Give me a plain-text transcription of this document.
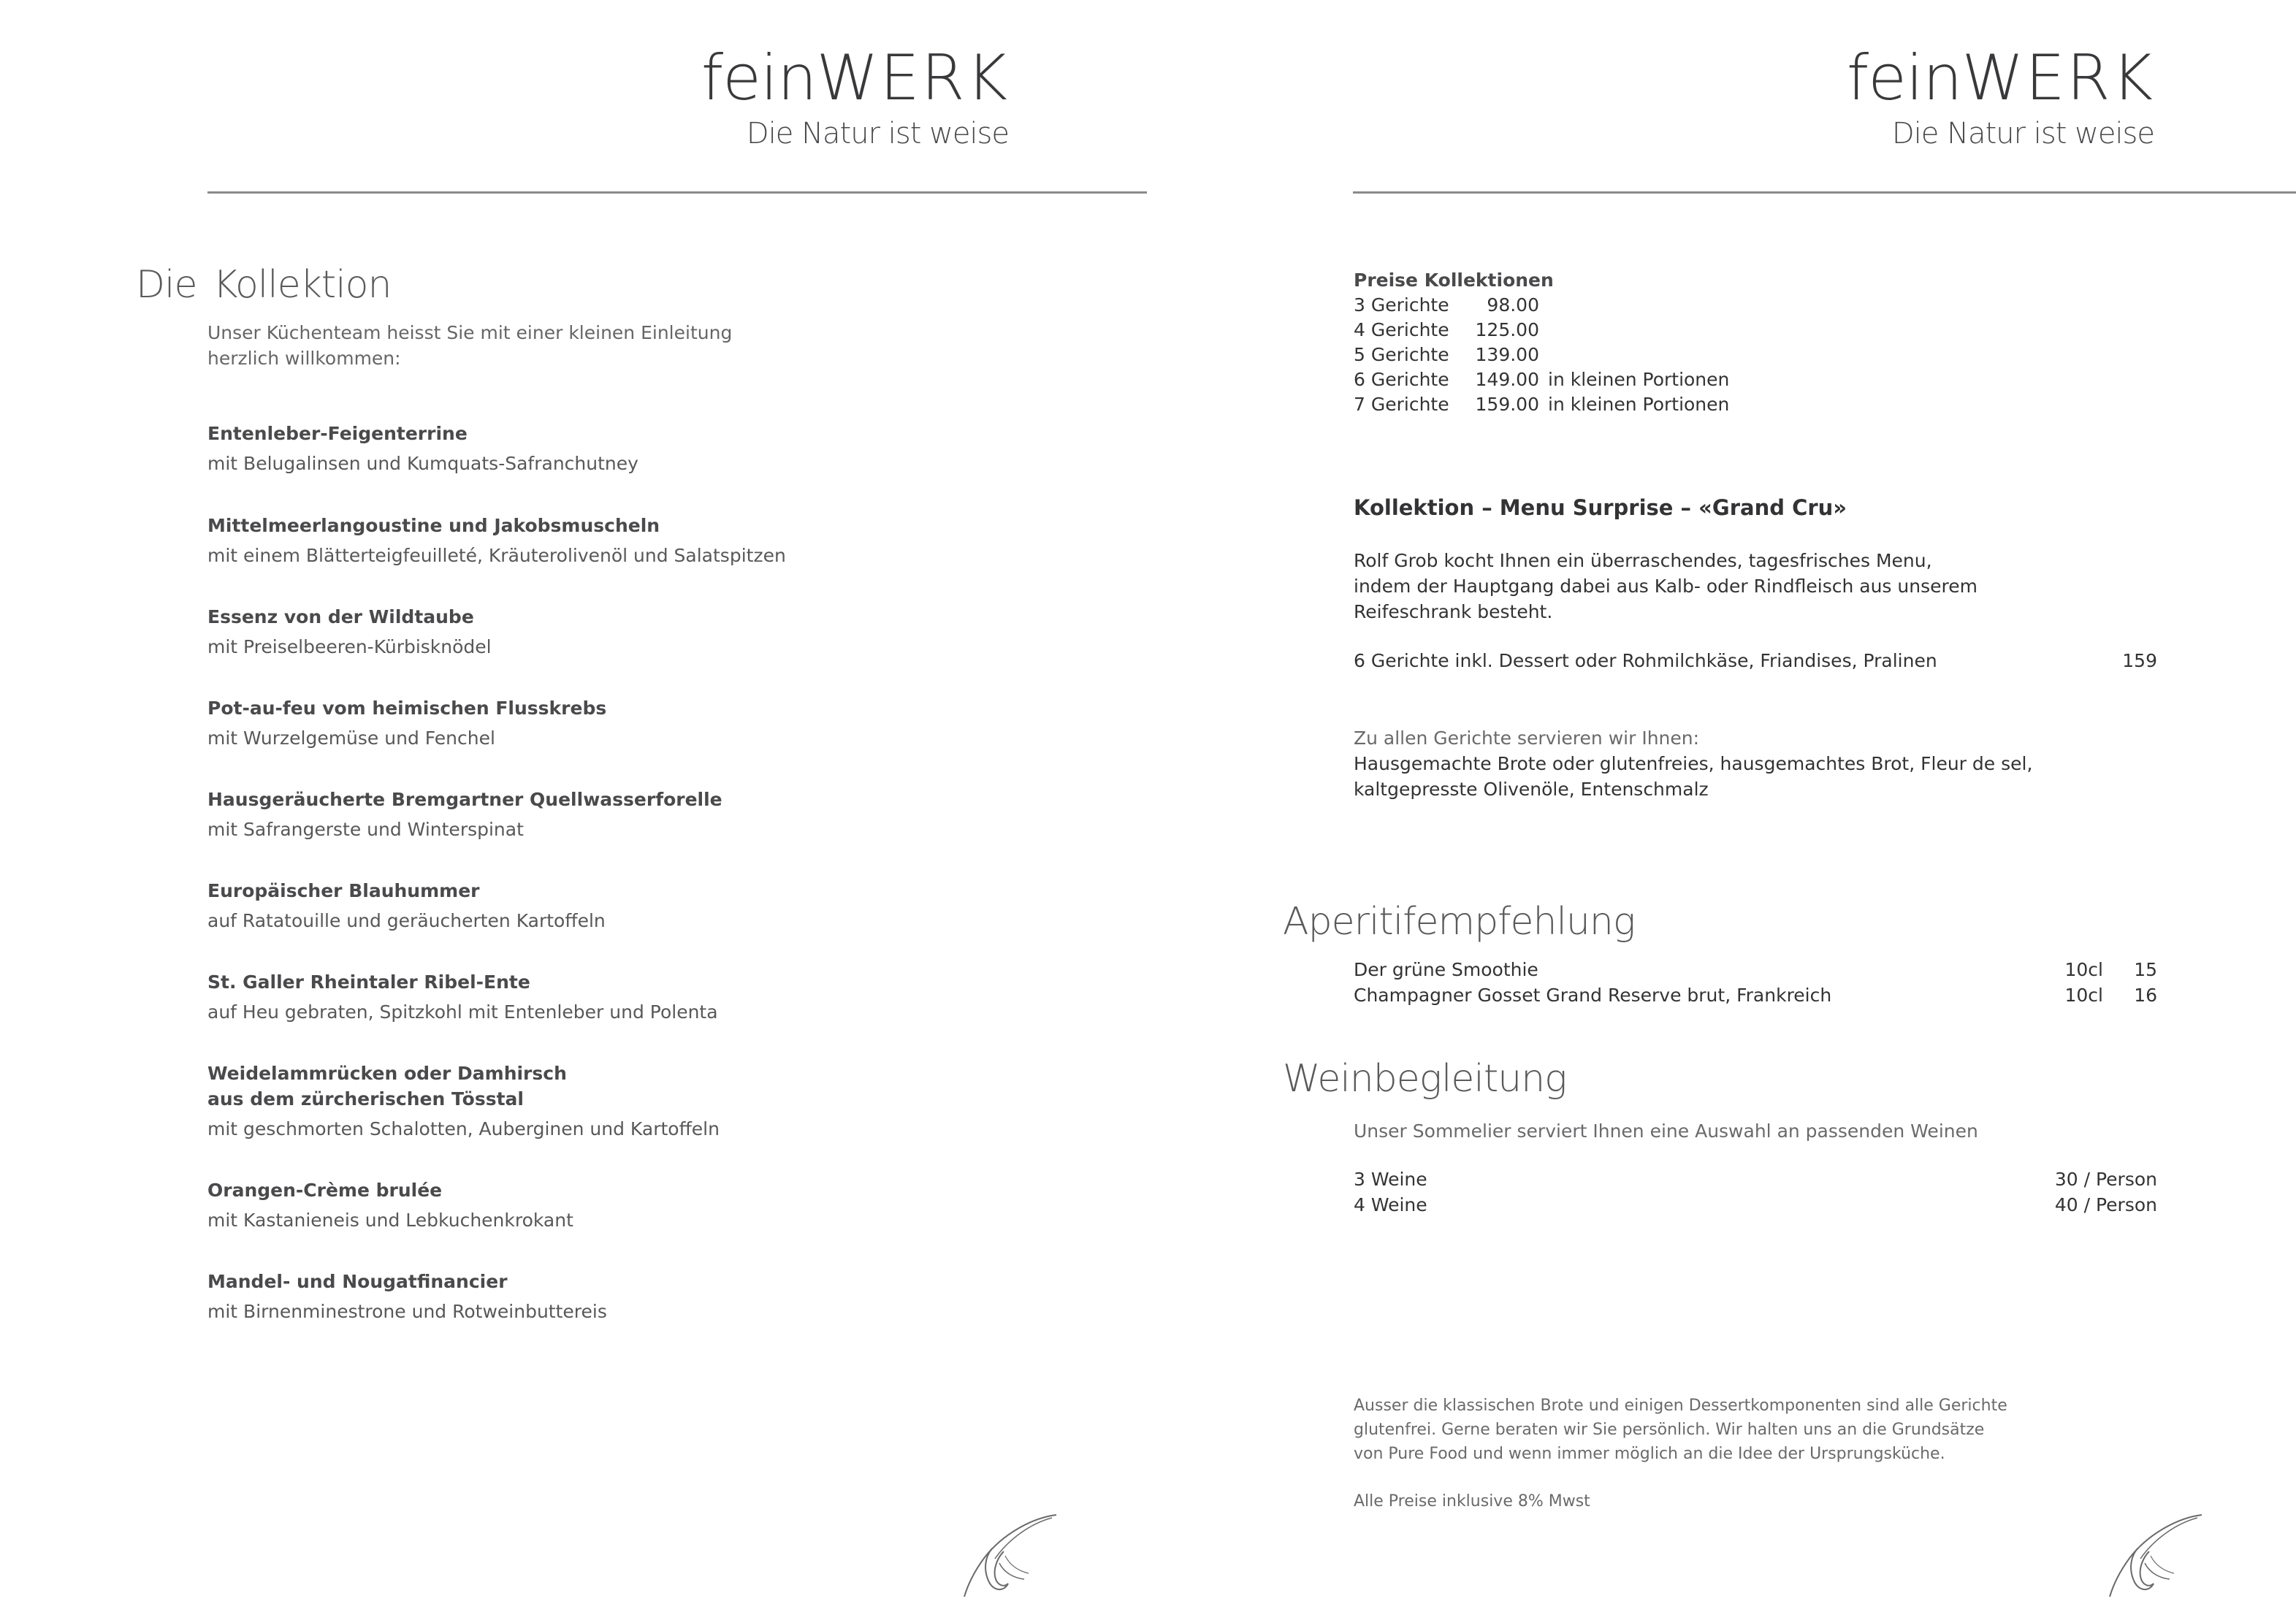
feinWERK
Die Natur ist weise
Die Kollektion
Unser Küchenteam heisst Sie mit einer kleinen Einleitung
herzlich willkommen:
Entenleber-Feigenterrine
mit Belugalinsen und Kumquats-Safranchutney
Mittelmeerlangoustine und Jakobsmuscheln
mit einem Blätterteigfeuilleté, Kräuterolivenöl und Salatspitzen
Essenz von der Wildtaube
mit Preiselbeeren-Kürbisknödel
Pot-au-feu vom heimischen Flusskrebs
mit Wurzelgemüse und Fenchel
Hausgeräucherte Bremgartner Quellwasserforelle
mit Safrangerste und Winterspinat
Europäischer Blauhummer
auf Ratatouille und geräucherten Kartoffeln
St. Galler Rheintaler Ribel-Ente
auf Heu gebraten, Spitzkohl mit Entenleber und Polenta
Weidelammrücken oder Damhirsch
aus dem zürcherischen Tösstal
mit geschmorten Schalotten, Auberginen und Kartoffeln
Orangen-Crème brulée
mit Kastanieneis und Lebkuchenkrokant
Mandel- und Nougatfinancier
mit Birnenminestrone und Rotweinbuttereis
feinWERK
Die Natur ist weise
Preise Kollektionen
3 Gerichte	98.00
4 Gerichte	125.00
5 Gerichte	139.00
6 Gerichte	149.00 in kleinen Portionen
7 Gerichte	159.00 in kleinen Portionen
Kollektion – Menu Surprise – «Grand Cru»
Rolf Grob kocht Ihnen ein überraschendes, tagesfrisches Menu,
indem der Hauptgang dabei aus Kalb- oder Rindfleisch aus unserem
Reifeschrank besteht.
6 Gerichte inkl. Dessert oder Rohmilchkäse, Friandises, Pralinen	159
Zu allen Gerichte servieren wir Ihnen:
Hausgemachte Brote oder glutenfreies, hausgemachtes Brot, Fleur de sel,
kaltgepresste Olivenöle, Entenschmalz
Aperitifempfehlung
Der grüne Smoothie	10cl 15
Champagner Gosset Grand Reserve brut, Frankreich	10cl 16
Weinbegleitung
Unser Sommelier serviert Ihnen eine Auswahl an passenden Weinen
3 Weine	30 / Person
4 Weine	40 / Person
Ausser die klassischen Brote und einigen Dessertkomponenten sind alle Gerichte
glutenfrei. Gerne beraten wir Sie persönlich. Wir halten uns an die Grundsätze
von Pure Food und wenn immer möglich an die Idee der Ursprungsküche.
Alle Preise inklusive 8% Mwst
